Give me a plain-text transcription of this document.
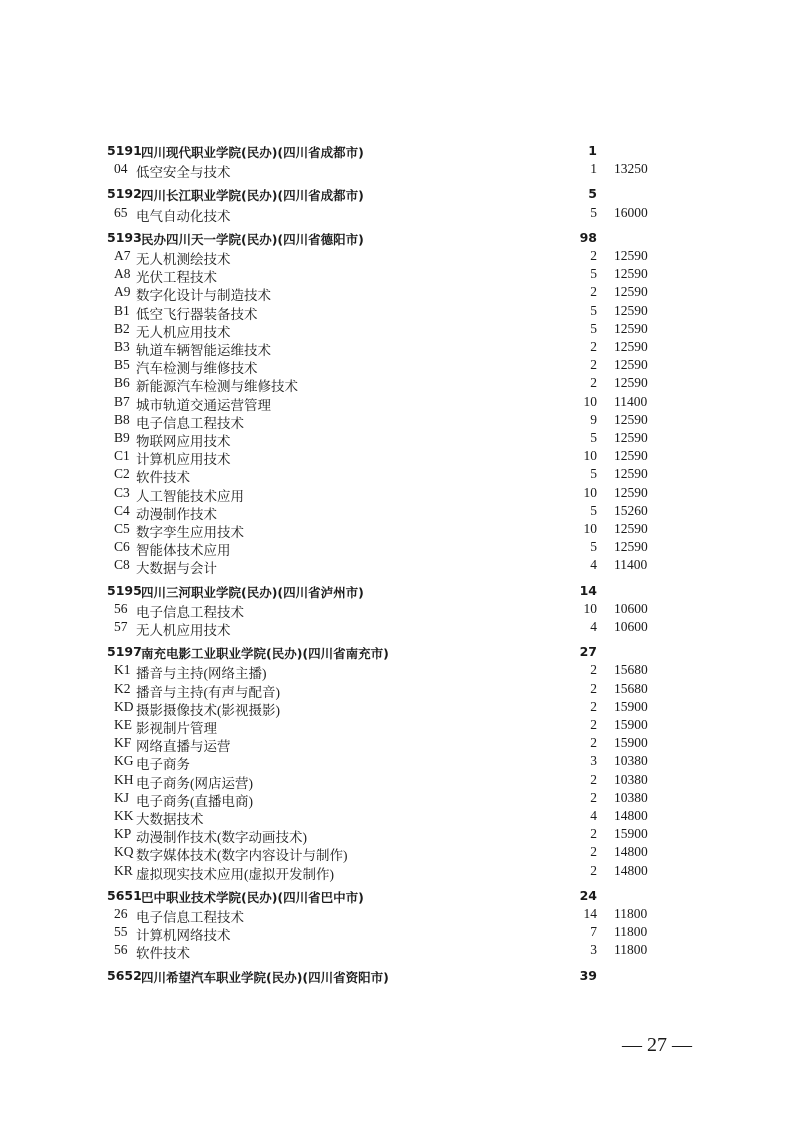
5191 四川现代职业学院(民办)(四川省成都市)	1
04 低空安全与技术	1 13250
5192 四川长江职业学院(民办)(四川省成都市)	5
65 电气自动化技术	5 16000
5193 民办四川天一学院(民办)(四川省德阳市)	98
A7 无人机测绘技术	2 12590
A8 光伏工程技术	5 12590
A9 数字化设计与制造技术	2 12590
B1 低空飞行器装备技术	5 12590
B2 无人机应用技术	5 12590
B3 轨道车辆智能运维技术	2 12590
B5 汽车检测与维修技术	2 12590
B6 新能源汽车检测与维修技术	2 12590
B7 城市轨道交通运营管理	10 11400
B8 电子信息工程技术	9 12590
B9 物联网应用技术	5 12590
C1 计算机应用技术	10 12590
C2 软件技术	5 12590
C3 人工智能技术应用	10 12590
C4 动漫制作技术	5 15260
C5 数字孪生应用技术	10 12590
C6 智能体技术应用	5 12590
C8 大数据与会计	4 11400
5195 四川三河职业学院(民办)(四川省泸州市)	14
56 电子信息工程技术	10 10600
57 无人机应用技术	4 10600
5197 南充电影工业职业学院(民办)(四川省南充市)	27
K1 播音与主持(网络主播)	2 15680
K2 播音与主持(有声与配音)	2 15680
KD 摄影摄像技术(影视摄影)	2 15900
KE 影视制片管理	2 15900
KF 网络直播与运营	2 15900
KG 电子商务	3 10380
KH 电子商务(网店运营)	2 10380
KJ 电子商务(直播电商)	2 10380
KK 大数据技术	4 14800
KP 动漫制作技术(数字动画技术)	2 15900
KQ 数字媒体技术(数字内容设计与制作)	2 14800
KR 虚拟现实技术应用(虚拟开发制作)	2 14800
5651 巴中职业技术学院(民办)(四川省巴中市)	24
26 电子信息工程技术	14 11800
55 计算机网络技术	7 11800
56 软件技术	3 11800
5652 四川希望汽车职业学院(民办)(四川省资阳市)	39
— 27 —
